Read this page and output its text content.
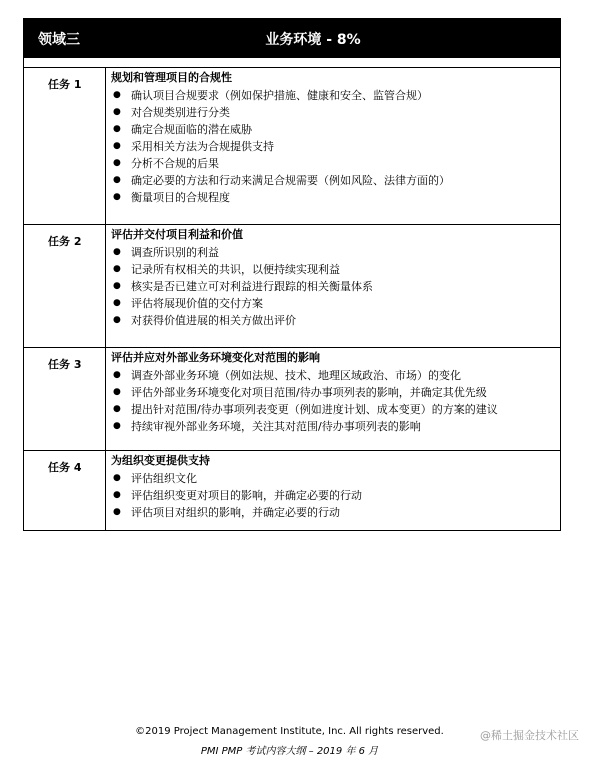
领域三	业务环境 - 8%
任务 1
规划和管理项目的合规性
● 确认项目合规要求（例如保护措施、健康和安全、监管合规）
● 对合规类别进行分类
● 确定合规面临的潜在威胁
● 采用相关方法为合规提供支持
● 分析不合规的后果
● 确定必要的方法和行动来满足合规需要（例如风险、法律方面的）
● 衡量项目的合规程度
任务 2
评估并交付项目利益和价值
● 调查所识别的利益
● 记录所有权相关的共识，以便持续实现利益
● 核实是否已建立可对利益进行跟踪的相关衡量体系
● 评估将展现价值的交付方案
● 对获得价值进展的相关方做出评价
任务 3
评估并应对外部业务环境变化对范围的影响
● 调查外部业务环境（例如法规、技术、地理区域政治、市场）的变化
● 评估外部业务环境变化对项目范围/待办事项列表的影响，并确定其优先级
● 提出针对范围/待办事项列表变更（例如进度计划、成本变更）的方案的建议
● 持续审视外部业务环境，关注其对范围/待办事项列表的影响
任务 4
为组织变更提供支持
● 评估组织文化
● 评估组织变更对项目的影响，并确定必要的行动
● 评估项目对组织的影响，并确定必要的行动
©2019 Project Management Institute, Inc. All rights reserved.
PMI PMP 考试内容大纲 – 2019 年 6 月
@稀土掘金技术社区
